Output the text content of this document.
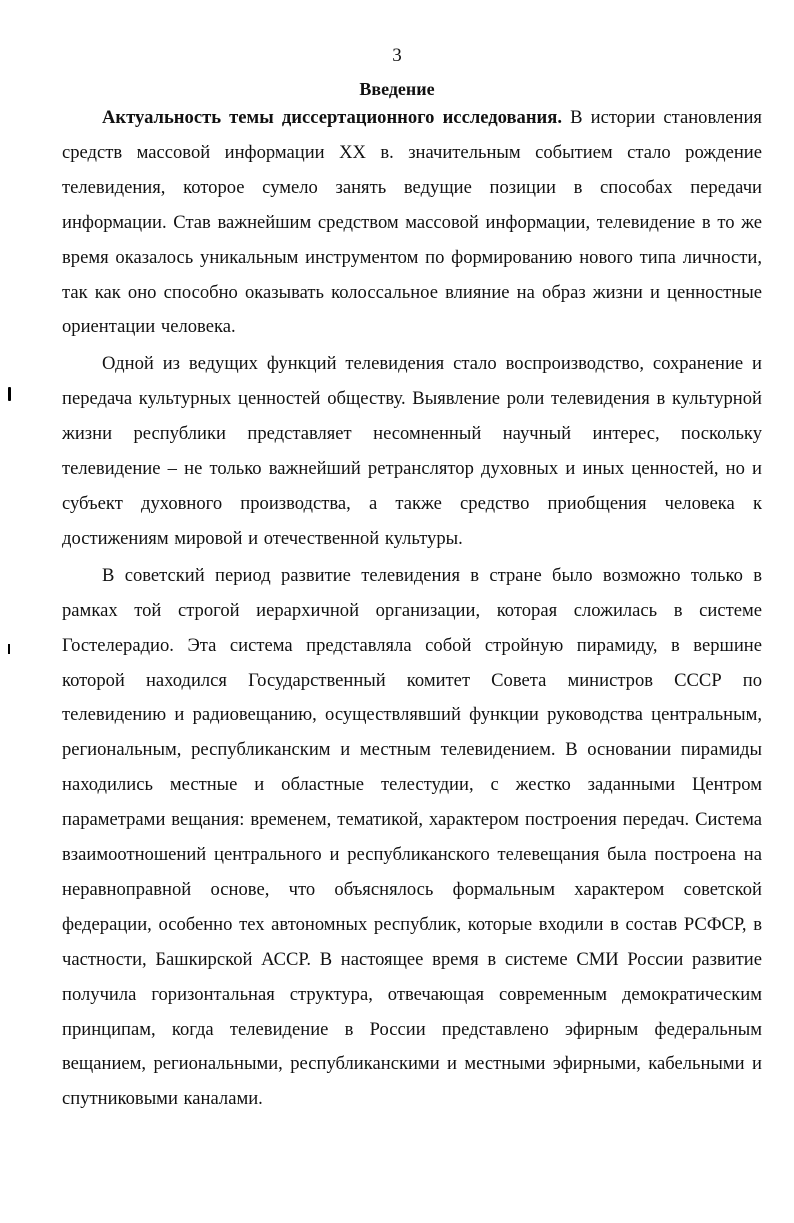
3
Введение

Актуальность темы диссертационного исследования. В истории становления средств массовой информации XX в. значительным событием стало рождение телевидения, которое сумело занять ведущие позиции в способах передачи информации. Став важнейшим средством массовой информации, телевидение в то же время оказалось уникальным инструментом по формированию нового типа личности, так как оно способно оказывать колоссальное влияние на образ жизни и ценностные ориентации человека.

Одной из ведущих функций телевидения стало воспроизводство, сохранение и передача культурных ценностей обществу. Выявление роли телевидения в культурной жизни республики представляет несомненный научный интерес, поскольку телевидение – не только важнейший ретранслятор духовных и иных ценностей, но и субъект духовного производства, а также средство приобщения человека к достижениям мировой и отечественной культуры.

В советский период развитие телевидения в стране было возможно только в рамках той строгой иерархичной организации, которая сложилась в системе Гостелерадио. Эта система представляла собой стройную пирамиду, в вершине которой находился Государственный комитет Совета министров СССР по телевидению и радиовещанию, осуществлявший функции руководства центральным, региональным, республиканским и местным телевидением. В основании пирамиды находились местные и областные телестудии, с жестко заданными Центром параметрами вещания: временем, тематикой, характером построения передач. Система взаимоотношений центрального и республиканского телевещания была построена на неравноправной основе, что объяснялось формальным характером советской федерации, особенно тех автономных республик, которые входили в состав РСФСР, в частности, Башкирской АССР. В настоящее время в системе СМИ России развитие получила горизонтальная структура, отвечающая современным демократическим принципам, когда телевидение в России представлено эфирным федеральным вещанием, региональными, республиканскими и местными эфирными, кабельными и спутниковыми каналами.
